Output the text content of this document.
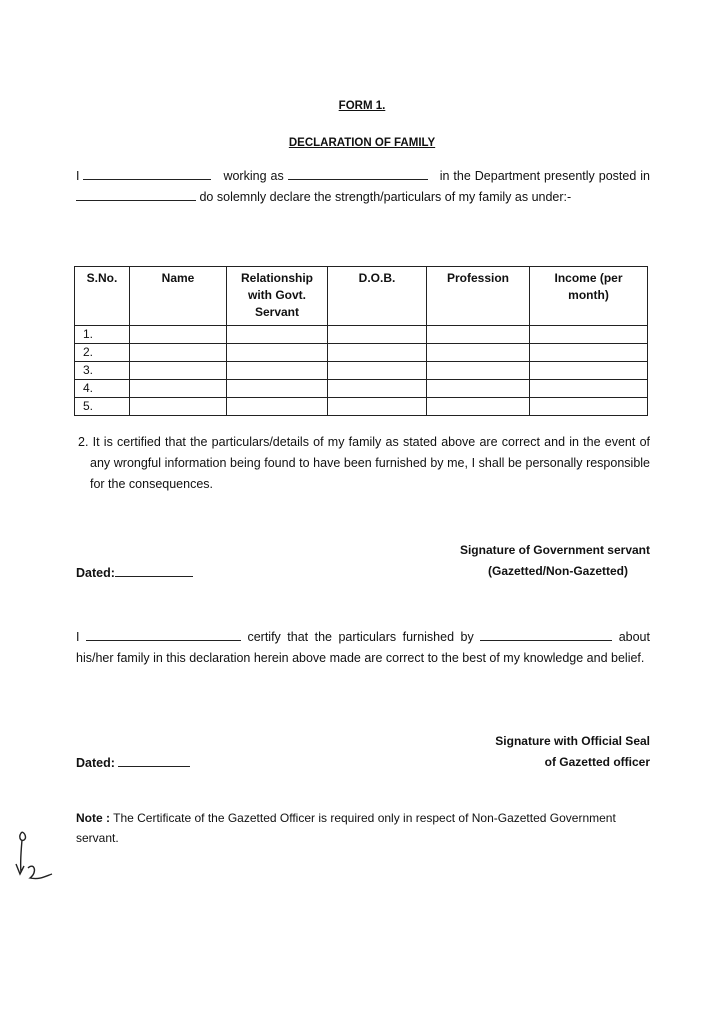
FORM 1.
DECLARATION OF FAMILY
I	working as	in the Department presently posted in  do solemnly declare the strength/particulars of my family as under:-
S.No.	Name	Relationship with Govt. Servant	D.O.B.	Profession	Income (per month)
1.					
2.					
3.					
4.					
5.					
2. It is certified that the particulars/details of my family as stated above are correct and in the event of any wrongful information being found to have been furnished by me, I shall be personally responsible for the consequences.
Signature of Government servant
(Gazetted/Non-Gazetted)
Dated:
I	certify that the particulars furnished by	about his/her family in this declaration herein above made are correct to the best of my knowledge and belief.
Signature with Official Seal
of Gazetted officer
Dated:
Note : The Certificate of the Gazetted Officer is required only in respect of Non-Gazetted Government servant.
